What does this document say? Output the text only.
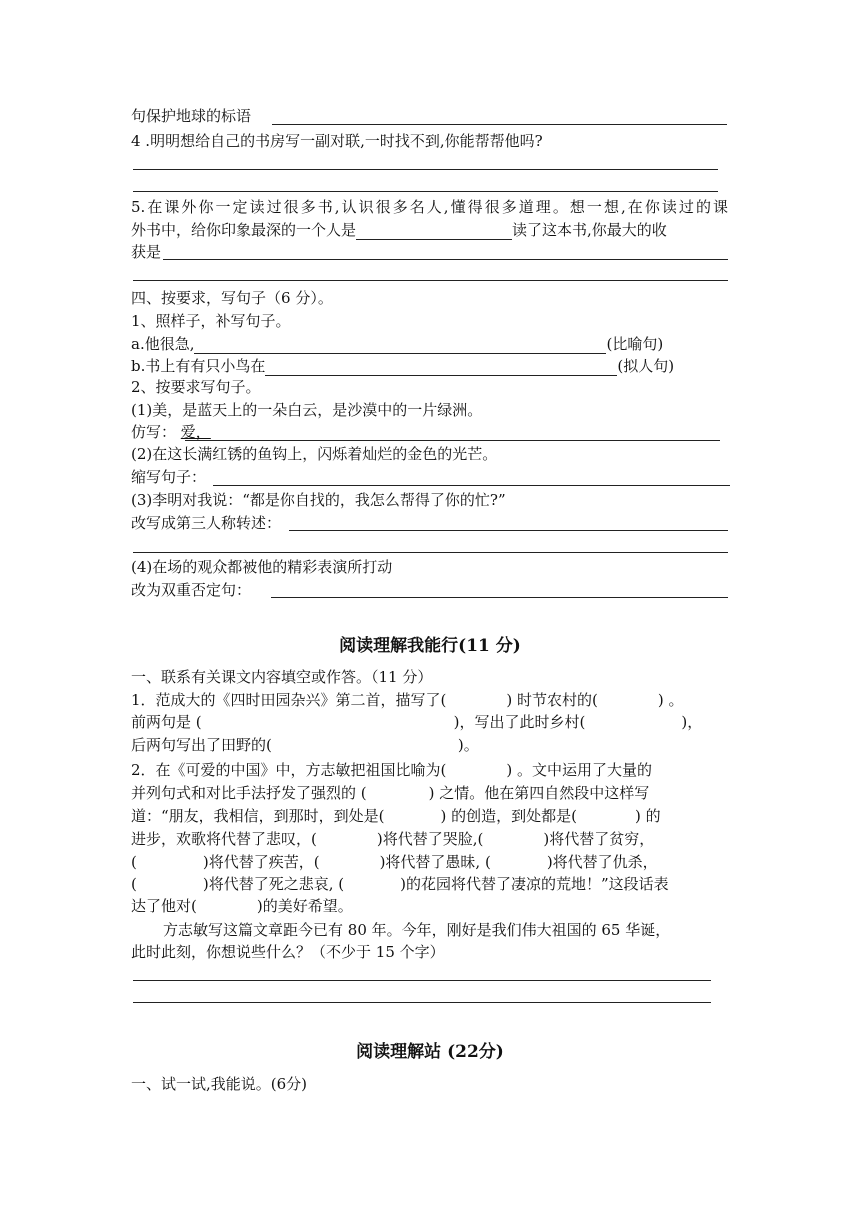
句保护地球的标语
4 .明明想给自己的书房写一副对联,一时找不到,你能帮帮他吗?
5.在课外你一定读过很多书,认识很多名人,懂得很多道理。想一想,在你读过的课
外书中，给你印象最深的一个人是	读了这本书,你最大的收
获是
四、按要求，写句子（6 分）。
1、照样子，补写句子。
a.他很急,	(比喻句)
b.书上有有只小鸟在	(拟人句)
2、按要求写句子。
(1)美，是蓝天上的一朵白云，是沙漠中的一片绿洲。
仿写： 爱，
(2)在这长满红锈的鱼钩上，闪烁着灿烂的金色的光芒。
缩写句子：
(3)李明对我说：“都是你自找的，我怎么帮得了你的忙?”
改写成第三人称转述：
(4)在场的观众都被他的精彩表演所打动
改为双重否定句：
阅读理解我能行(11 分)
一、联系有关课文内容填空或作答。（11 分）
1．范成大的《四时田园杂兴》第二首，描写了(	) 时节农村的(	) 。
前两句是 (	)，写出了此时乡村(	)，
后两句写出了田野的(	)。
2．在《可爱的中国》中，方志敏把祖国比喻为(	) 。文中运用了大量的
并列句式和对比手法抒发了强烈的 (	) 之情。他在第四自然段中这样写
道：“朋友，我相信，到那时，到处是(	) 的创造，到处都是(	) 的
进步，欢歌将代替了悲叹，(	)将代替了哭脸,(	)将代替了贫穷，
(	)将代替了疾苦，(	)将代替了愚昧, (	)将代替了仇杀，
(	)将代替了死之悲哀, (	)的花园将代替了凄凉的荒地！”这段话表
达了他对(	)的美好希望。
方志敏写这篇文章距今已有 80 年。今年，刚好是我们伟大祖国的 65 华诞，
此时此刻，你想说些什么？（不少于 15 个字）
阅读理解站 (22分)
一、试一试,我能说。(6分)
